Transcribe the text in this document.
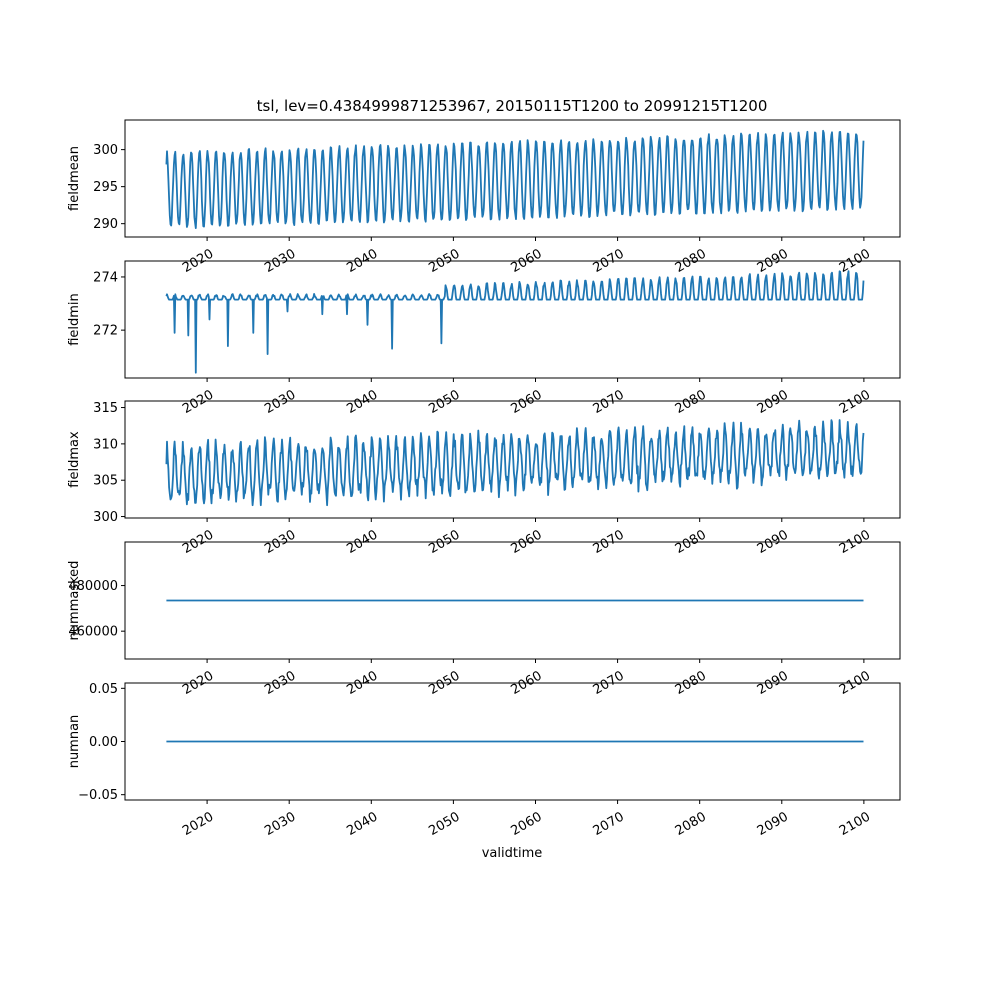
tsl, lev=0.4384999871253967, 20150115T1200 to 20991215T1200
290
295
300
2020	2030	2040	2050	2060	2070	2080	2090	2100
fieldmean
272
274
2020	2030	2040	2050	2060	2070	2080	2090	2100
fieldmin
300
305
310
315
2020	2030	2040	2050	2060	2070	2080	2090	2100
fieldmax
460000
480000
2020	2030	2040	2050	2060	2070	2080	2090	2100
nummasked
−0.05
0.00
0.05
2020	2030	2040	2050	2060	2070	2080	2090	2100
numnan
validtime
